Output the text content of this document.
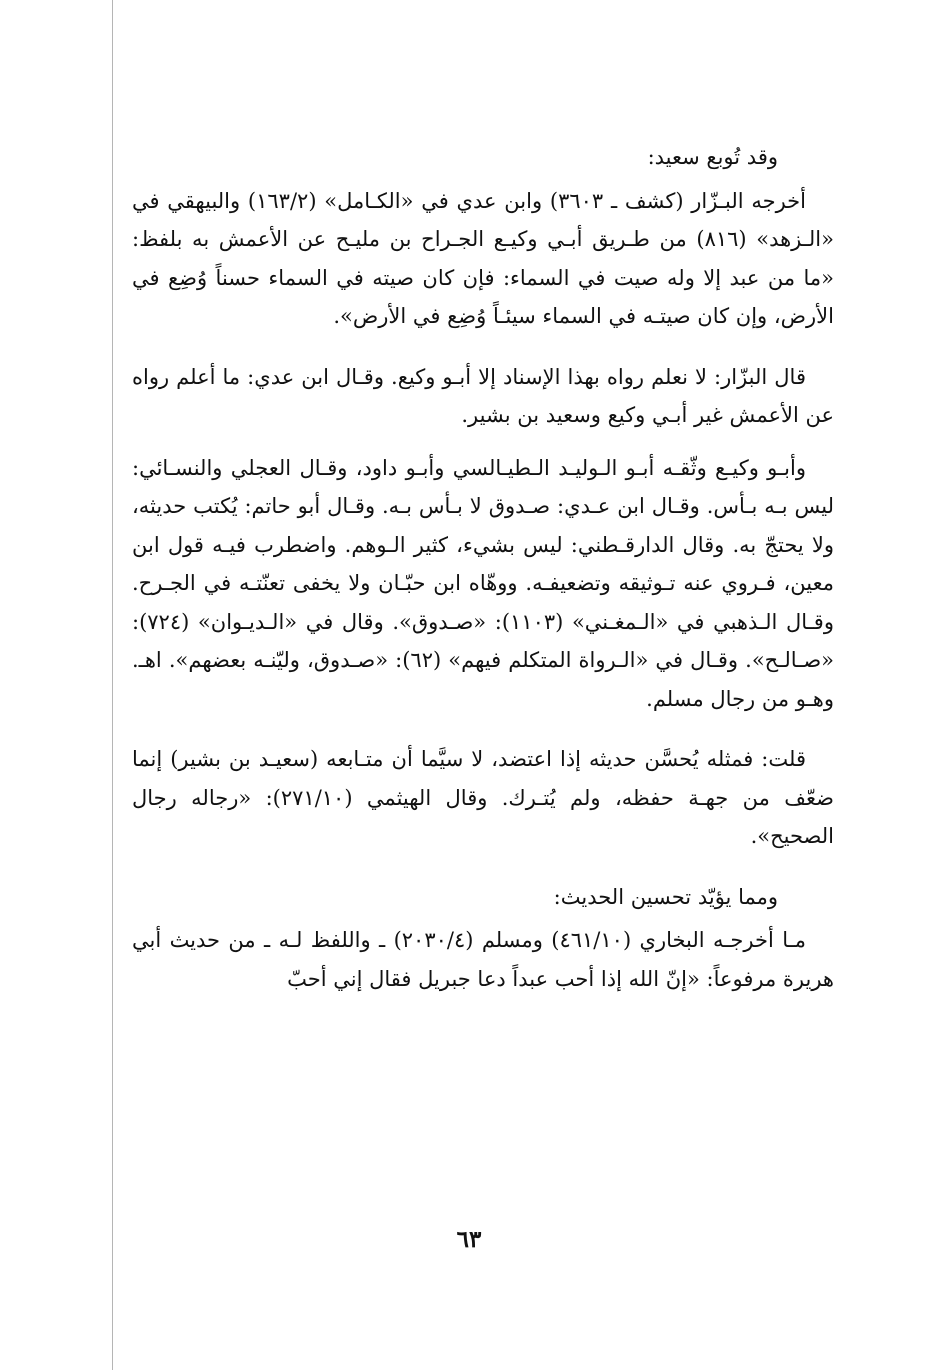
وقد تُوبع سعيد:

أخرجه البـزّار (كشف ـ ٣٦٠٣) وابن عدي في «الكـامل» (١٦٣/٢) والبيهقي في «الـزهد» (٨١٦) من طـريق أبـي وكيـع الجـراح بن مليـح عن الأعمش به بلفظ: «ما من عبد إلا وله صيت في السماء: فإن كان صيته في السماء حسناً وُضِع في الأرض، وإن كان صيتـه في السماء سيئـاً وُضِع في الأرض».

قال البزّار: لا نعلم رواه بهذا الإسناد إلا أبـو وكيع. وقـال ابن عدي: ما أعلم رواه عن الأعمش غير أبـي وكيع وسعيد بن بشير.

وأبـو وكيـع وثّقـه أبـو الـوليـد الـطيـالسي وأبـو داود، وقـال العجلي والنسـائي: ليس بـه بـأس. وقـال ابن عـدي: صـدوق لا بـأس بـه. وقـال أبو حاتم: يُكتب حديثه، ولا يحتجّ به. وقال الدارقـطني: ليس بشيء، كثير الـوهم. واضطرب فيـه قول ابن معين، فـروي عنه تـوثيقه وتضعيفـه. ووهّاه ابن حبّـان ولا يخفى تعنّتـه في الجـرح. وقـال الـذهبي في «الـمغـني» (١١٠٣): «صـدوق». وقال في «الـديـوان» (٧٢٤): «صـالـح». وقـال في «الـرواة المتكلم فيهم» (٦٢): «صـدوق، وليّنـه بعضهم». اهـ. وهـو من رجال مسلم.

قلت: فمثله يُحسَّن حديثه إذا اعتضد، لا سيَّما أن متـابعه (سعيـد بن بشير) إنما ضعّف من جهـة حفظه، ولم يُتـرك. وقال الهيثمي (٢٧١/١٠): «رجاله رجال الصحيح».

ومما يؤيّد تحسين الحديث:

مـا أخرجـه البخاري (٤٦١/١٠) ومسلم (٢٠٣٠/٤) ـ واللفظ لـه ـ من حديث أبي هريرة مرفوعاً: «إنّ الله إذا أحب عبداً دعا جبريل فقال إني أحبّ

٦٣
